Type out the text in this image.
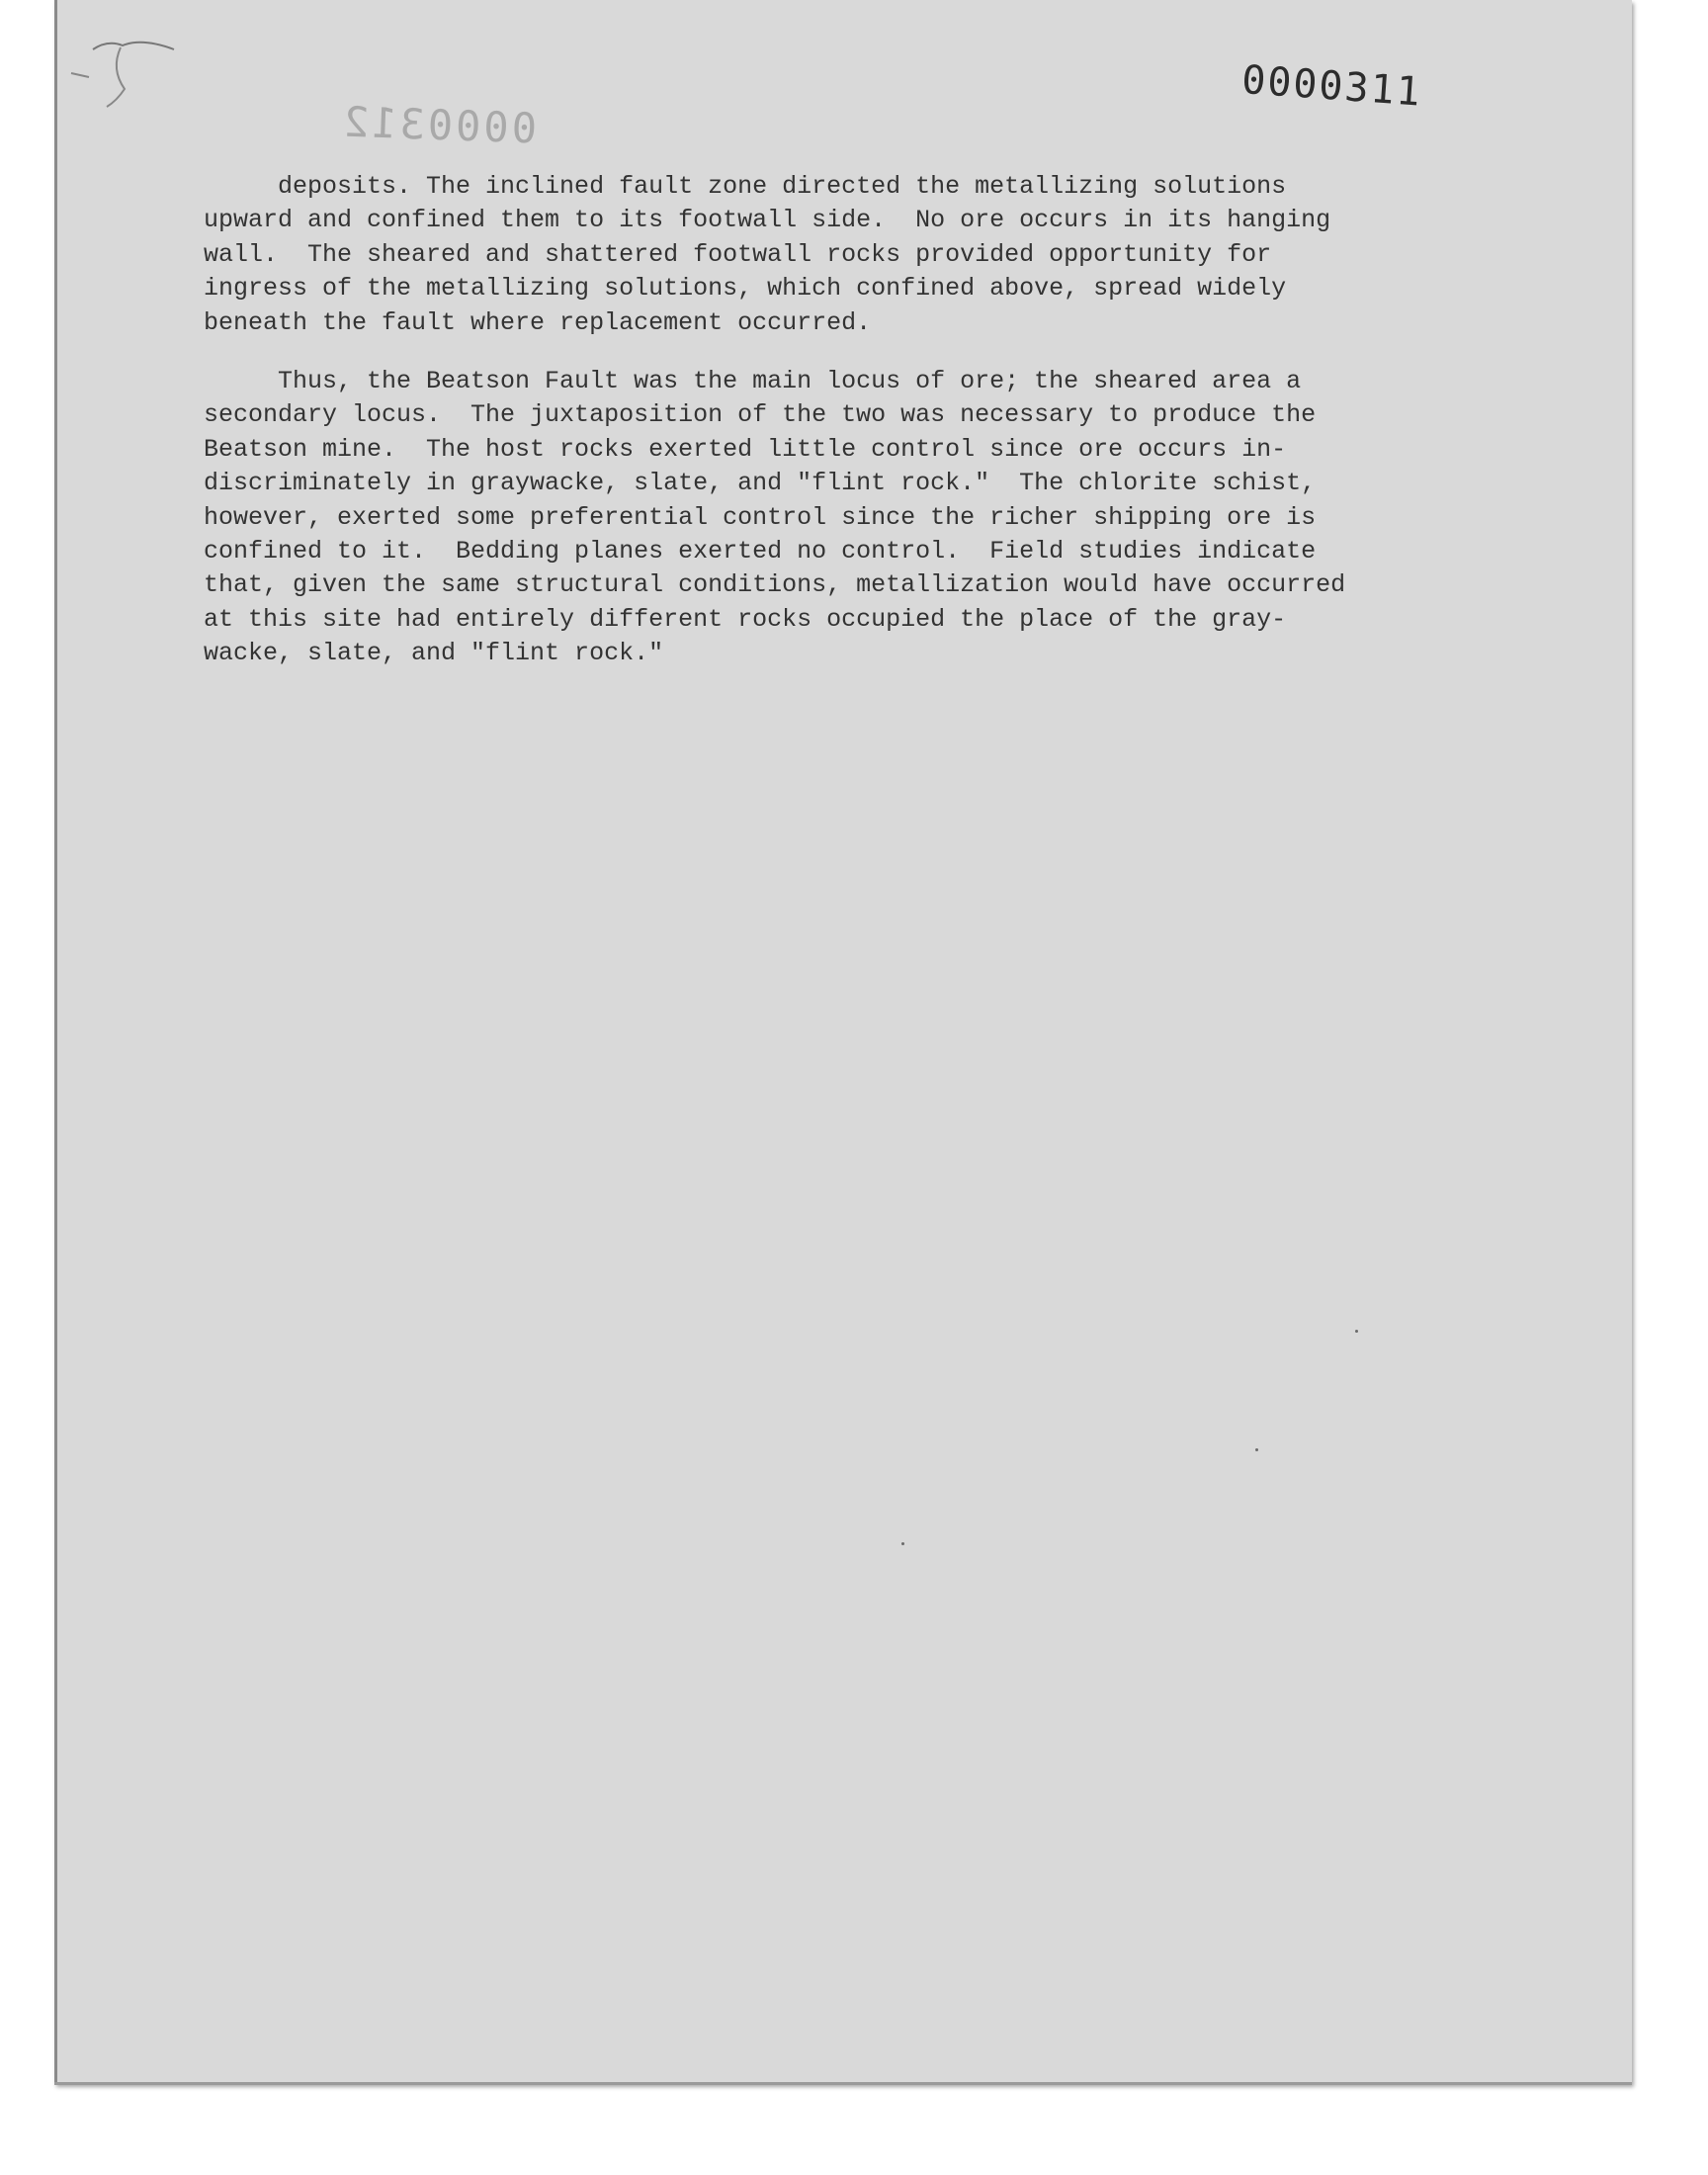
0000311
0000312

deposits. The inclined fault zone directed the metallizing solutions
upward and confined them to its footwall side.  No ore occurs in its hanging
wall.  The sheared and shattered footwall rocks provided opportunity for
ingress of the metallizing solutions, which confined above, spread widely
beneath the fault where replacement occurred.

Thus, the Beatson Fault was the main locus of ore; the sheared area a
secondary locus.  The juxtaposition of the two was necessary to produce the
Beatson mine.  The host rocks exerted little control since ore occurs in-
discriminately in graywacke, slate, and "flint rock."  The chlorite schist,
however, exerted some preferential control since the richer shipping ore is
confined to it.  Bedding planes exerted no control.  Field studies indicate
that, given the same structural conditions, metallization would have occurred
at this site had entirely different rocks occupied the place of the gray-
wacke, slate, and "flint rock."
